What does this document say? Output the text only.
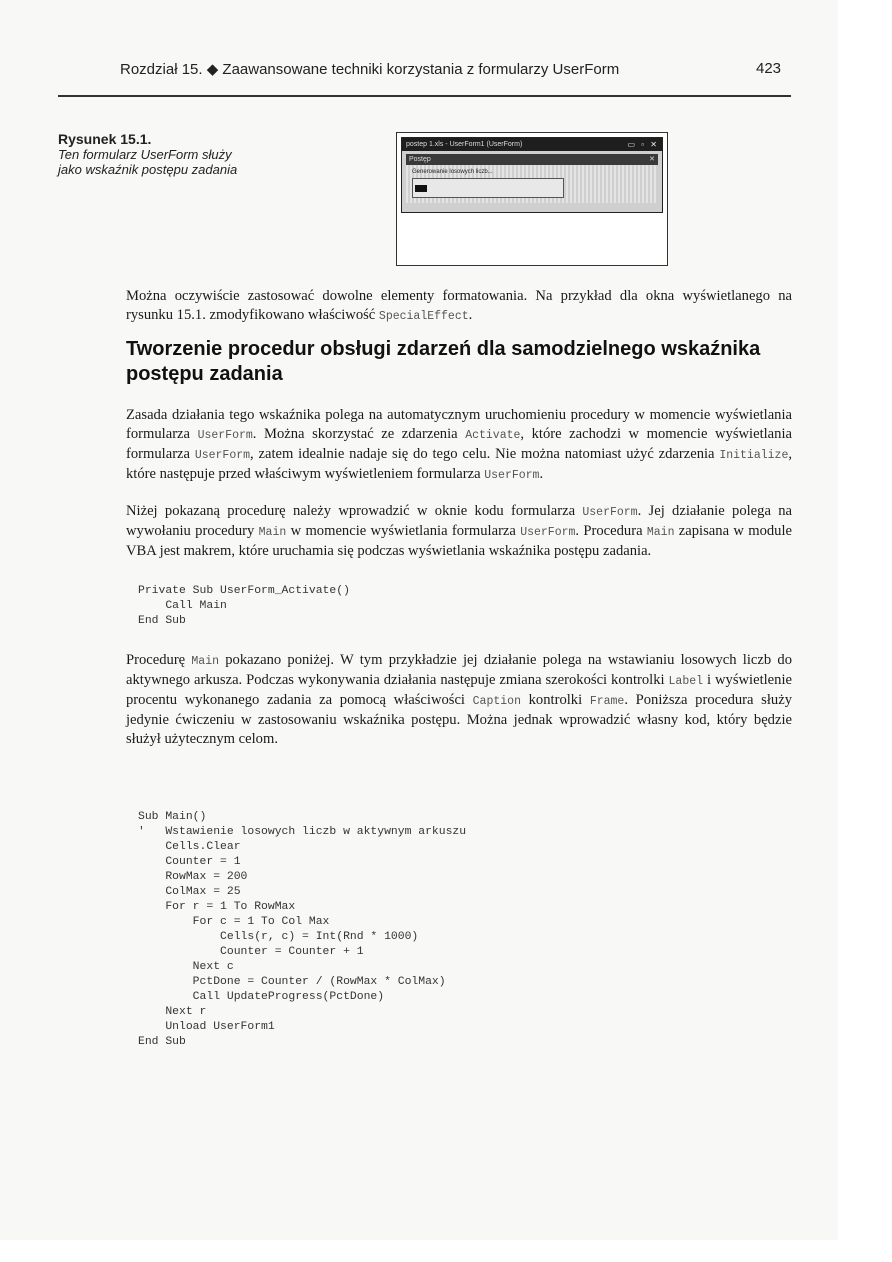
Rozdział 15. ◆ Zaawansowane techniki korzystania z formularzy UserForm	423
Rysunek 15.1.
Ten formularz UserForm służy jako wskaźnik postępu zadania
postep 1.xls - UserForm1 (UserForm)	▭ ▫ ✕
Postęp	✕
Generowanie losowych liczb...
Można oczywiście zastosować dowolne elementy formatowania. Na przykład dla okna wyświetlanego na rysunku 15.1. zmodyfikowano właściwość SpecialEffect.
Tworzenie procedur obsługi zdarzeń dla samodzielnego wskaźnika postępu zadania
Zasada działania tego wskaźnika polega na automatycznym uruchomieniu procedury w momencie wyświetlania formularza UserForm. Można skorzystać ze zdarzenia Activate, które zachodzi w momencie wyświetlania formularza UserForm, zatem idealnie nadaje się do tego celu. Nie można natomiast użyć zdarzenia Initialize, które następuje przed właściwym wyświetleniem formularza UserForm.
Niżej pokazaną procedurę należy wprowadzić w oknie kodu formularza UserForm. Jej działanie polega na wywołaniu procedury Main w momencie wyświetlania formularza UserForm. Procedura Main zapisana w module VBA jest makrem, które uruchamia się podczas wyświetlania wskaźnika postępu zadania.
Private Sub UserForm_Activate()
Call Main
End Sub
Procedurę Main pokazano poniżej. W tym przykładzie jej działanie polega na wstawianiu losowych liczb do aktywnego arkusza. Podczas wykonywania działania następuje zmiana szerokości kontrolki Label i wyświetlenie procentu wykonanego zadania za pomocą właściwości Caption kontrolki Frame. Poniższa procedura służy jedynie ćwiczeniu w zastosowaniu wskaźnika postępu. Można jednak wprowadzić własny kod, który będzie służył użytecznym celom.
Sub Main()
'   Wstawienie losowych liczb w aktywnym arkuszu
Cells.Clear
Counter = 1
RowMax = 200
ColMax = 25
For r = 1 To RowMax
For c = 1 To Col Max
Cells(r, c) = Int(Rnd * 1000)
Counter = Counter + 1
Next c
PctDone = Counter / (RowMax * ColMax)
Call UpdateProgress(PctDone)
Next r
Unload UserForm1
End Sub
